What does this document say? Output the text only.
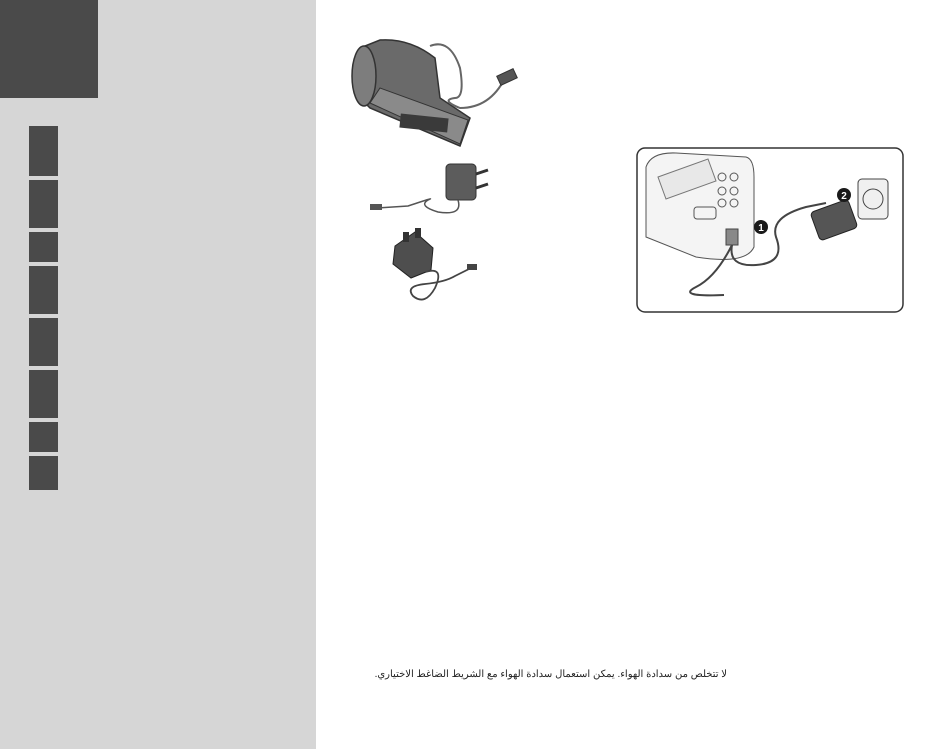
1
2
لا تتخلص من سدادة الهواء. يمكن استعمال سدادة الهواء مع الشريط الضاغط الاختياري.
